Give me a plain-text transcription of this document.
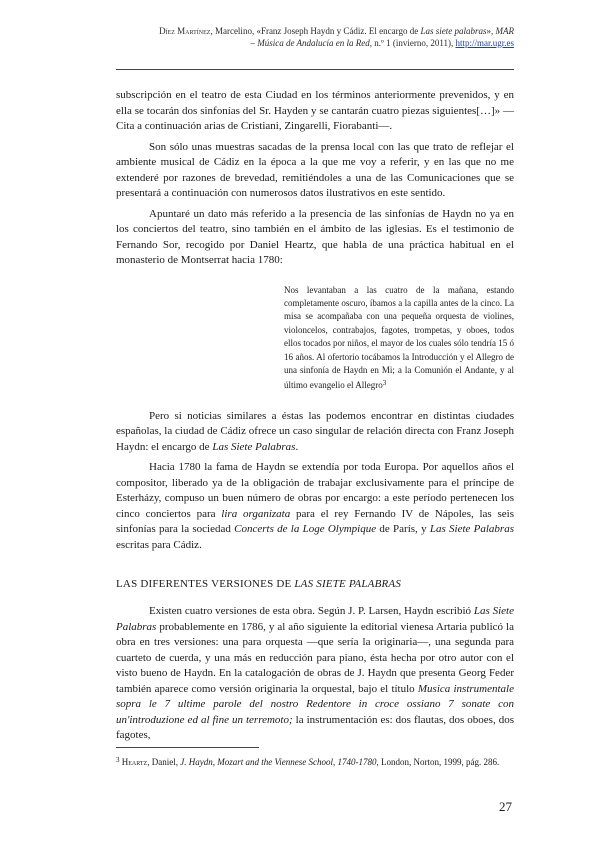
Díez Martínez, Marcelino, «Franz Joseph Haydn y Cádiz. El encargo de Las siete palabras», MAR
– Música de Andalucía en la Red, n.º 1 (invierno, 2011), http://mar.ugr.es

subscripción en el teatro de esta Ciudad en los términos anteriormente prevenidos, y en ella se tocarán dos sinfonías del Sr. Hayden y se cantarán cuatro piezas siguientes[…]» —Cita a continuación arias de Cristiani, Zingarelli, Fiorabanti—.

Son sólo unas muestras sacadas de la prensa local con las que trato de reflejar el ambiente musical de Cádiz en la época a la que me voy a referir, y en las que no me extenderé por razones de brevedad, remitiéndoles a una de las Comunicaciones que se presentará a continuación con numerosos datos ilustrativos en este sentido.

Apuntaré un dato más referido a la presencia de las sinfonías de Haydn no ya en los conciertos del teatro, sino también en el ámbito de las iglesias. Es el testimonio de Fernando Sor, recogido por Daniel Heartz, que habla de una práctica habitual en el monasterio de Montserrat hacia 1780:

Nos levantaban a las cuatro de la mañana, estando completamente oscuro, íbamos a la capilla antes de la cinco. La misa se acompañaba con una pequeña orquesta de violines, violoncelos, contrabajos, fagotes, trompetas, y oboes, todos ellos tocados por niños, el mayor de los cuales sólo tendría 15 ó 16 años. Al ofertorio tocábamos la Introducción y el Allegro de una sinfonía de Haydn en Mi; a la Comunión el Andante, y al último evangelio el Allegro$^3$

Pero si noticias similares a éstas las podemos encontrar en distintas ciudades españolas, la ciudad de Cádiz ofrece un caso singular de relación directa con Franz Joseph Haydn: el encargo de Las Siete Palabras.

Hacia 1780 la fama de Haydn se extendía por toda Europa. Por aquellos años el compositor, liberado ya de la obligación de trabajar exclusivamente para el príncipe de Esterházy, compuso un buen número de obras por encargo: a este período pertenecen los cinco conciertos para lira organizata para el rey Fernando IV de Nápoles, las seis sinfonías para la sociedad Concerts de la Loge Olympique de París, y Las Siete Palabras escritas para Cádiz.

LAS DIFERENTES VERSIONES DE LAS SIETE PALABRAS

Existen cuatro versiones de esta obra. Según J. P. Larsen, Haydn escribió Las Siete Palabras probablemente en 1786, y al año siguiente la editorial vienesa Artaria publicó la obra en tres versiones: una para orquesta —que sería la originaria—, una segunda para cuarteto de cuerda, y una más en reducción para piano, ésta hecha por otro autor con el visto bueno de Haydn. En la catalogación de obras de J. Haydn que presenta Georg Feder también aparece como versión originaria la orquestal, bajo el título Musica instrumentale sopra le 7 ultime parole del nostro Redentore in croce ossiano 7 sonate con un'introduzione ed al fine un terremoto; la instrumentación es: dos flautas, dos oboes, dos fagotes,

$^3$ Heartz, Daniel, J. Haydn, Mozart and the Viennese School, 1740-1780, London, Norton, 1999, pág. 286.
27
